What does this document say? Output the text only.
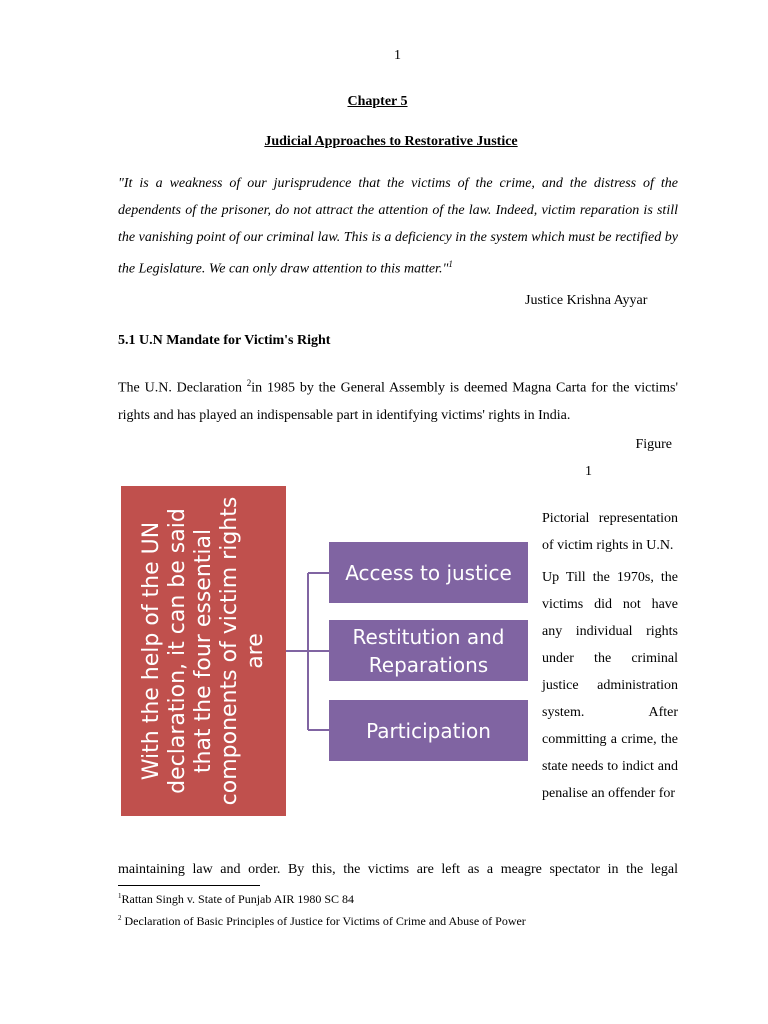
1
Chapter 5
Judicial Approaches to Restorative Justice
"It is a weakness of our jurisprudence that the victims of the crime, and the distress of the dependents of the prisoner, do not attract the attention of the law. Indeed, victim reparation is still the vanishing point of our criminal law. This is a deficiency in the system which must be rectified by the Legislature. We can only draw attention to this matter."$^1$
Justice Krishna Ayyar
5.1 U.N Mandate for Victim's Right
The U.N. Declaration $^2$in 1985 by the General Assembly is deemed Magna Carta for the victims' rights and has played an indispensable part in identifying victims' rights in India.
Figure
1
With the help of the UN declaration, it can be said that the four essential components of victim rights are
Access to justice
Restitution and Reparations
Participation

Pictorial representation of victim rights in U.N.

Up Till the 1970s, the victims did not have any individual rights under the criminal justice administration system. After committing a crime, the state needs to indict and penalise an offender for

maintaining law and order. By this, the victims are left as a meagre spectator in the legal
$^1$Rattan Singh v. State of Punjab AIR 1980 SC 84
$^2$ Declaration of Basic Principles of Justice for Victims of Crime and Abuse of Power
